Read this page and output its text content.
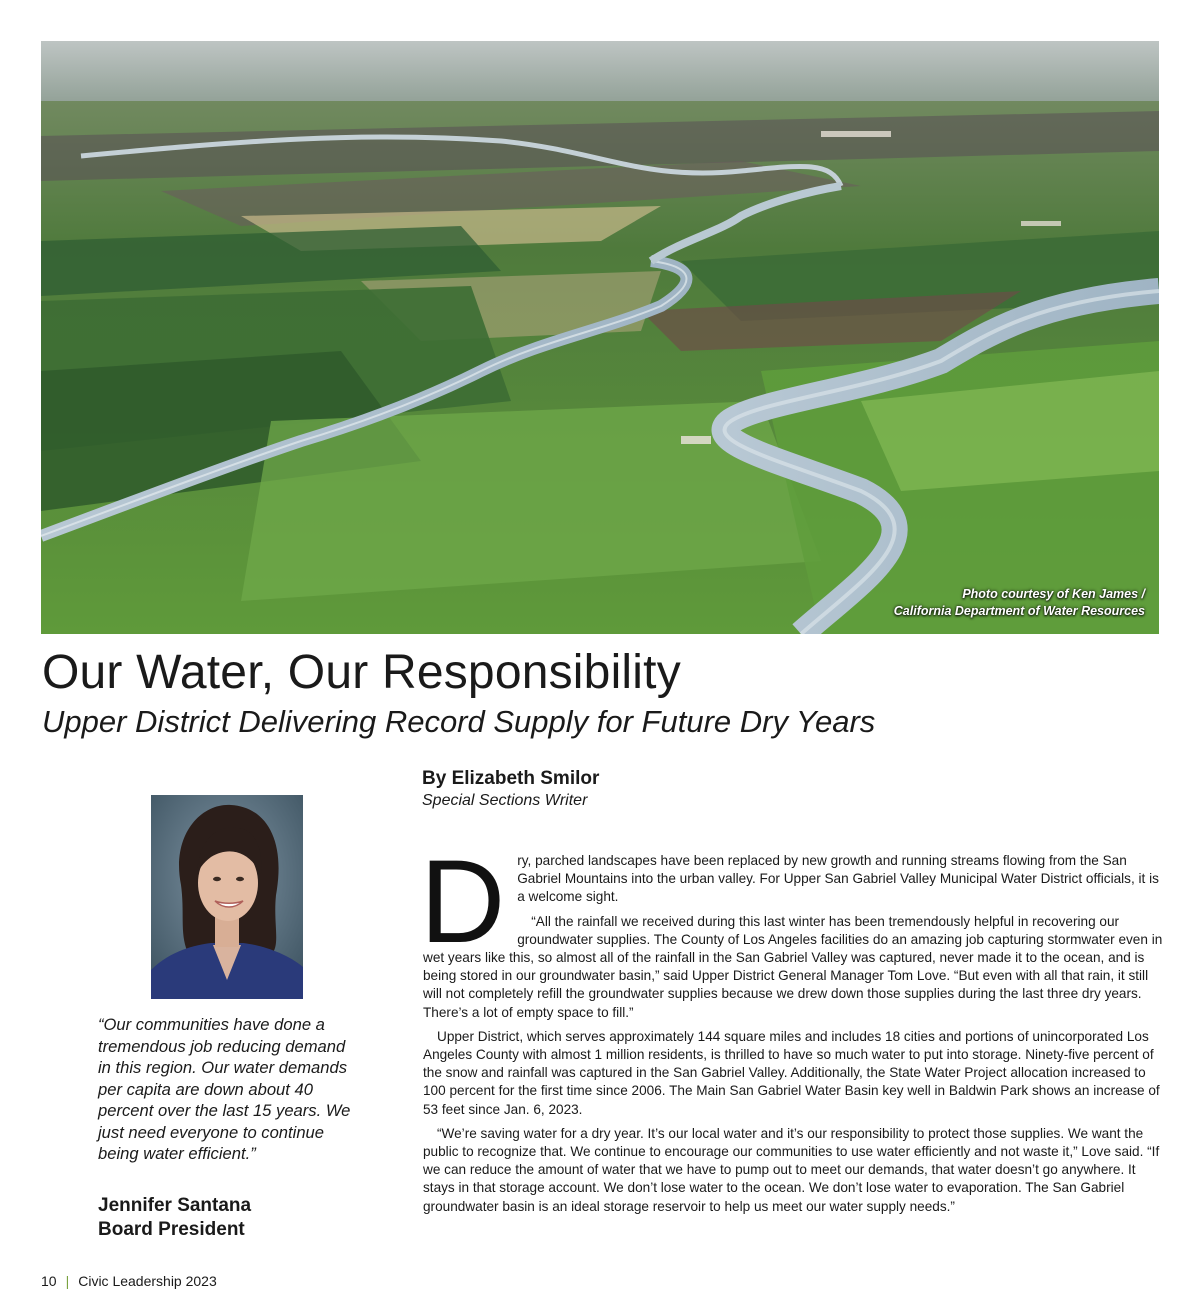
Photo courtesy of Ken James /
California Department of Water Resources
Our Water, Our Responsibility
Upper District Delivering Record Supply for Future Dry Years
“Our communities have done a tremendous job reducing demand in this region. Our water demands per capita are down about 40 percent over the last 15 years. We just need everyone to continue being water efficient.”
Jennifer Santana
Board President
By Elizabeth Smilor
Special Sections Writer

Dry, parched landscapes have been replaced by new growth and running streams flowing from the San Gabriel Mountains into the urban valley. For Upper San Gabriel Valley Municipal Water District officials, it is a welcome sight.

“All the rainfall we received during this last winter has been tremendously helpful in recovering our groundwater supplies. The County of Los Angeles facilities do an amazing job capturing stormwater even in wet years like this, so almost all of the rainfall in the San Gabriel Valley was captured, never made it to the ocean, and is being stored in our groundwater basin,” said Upper District General Manager Tom Love. “But even with all that rain, it still will not completely refill the groundwater supplies because we drew down those supplies during the last three dry years. There’s a lot of empty space to fill.”

Upper District, which serves approximately 144 square miles and includes 18 cities and portions of unincorporated Los Angeles County with almost 1 million residents, is thrilled to have so much water to put into storage. Ninety-five percent of the snow and rainfall was captured in the San Gabriel Valley. Additionally, the State Water Project allocation increased to 100 percent for the first time since 2006. The Main San Gabriel Water Basin key well in Baldwin Park shows an increase of 53 feet since Jan. 6, 2023.

“We’re saving water for a dry year. It’s our local water and it’s our responsibility to protect those supplies. We want the public to recognize that. We continue to encourage our communities to use water efficiently and not waste it,” Love said. “If we can reduce the amount of water that we have to pump out to meet our demands, that water doesn’t go anywhere. It stays in that storage account. We don’t lose water to the ocean. We don’t lose water to evaporation. The San Gabriel groundwater basin is an ideal storage reservoir to help us meet our water supply needs.”

10 | Civic Leadership 2023
